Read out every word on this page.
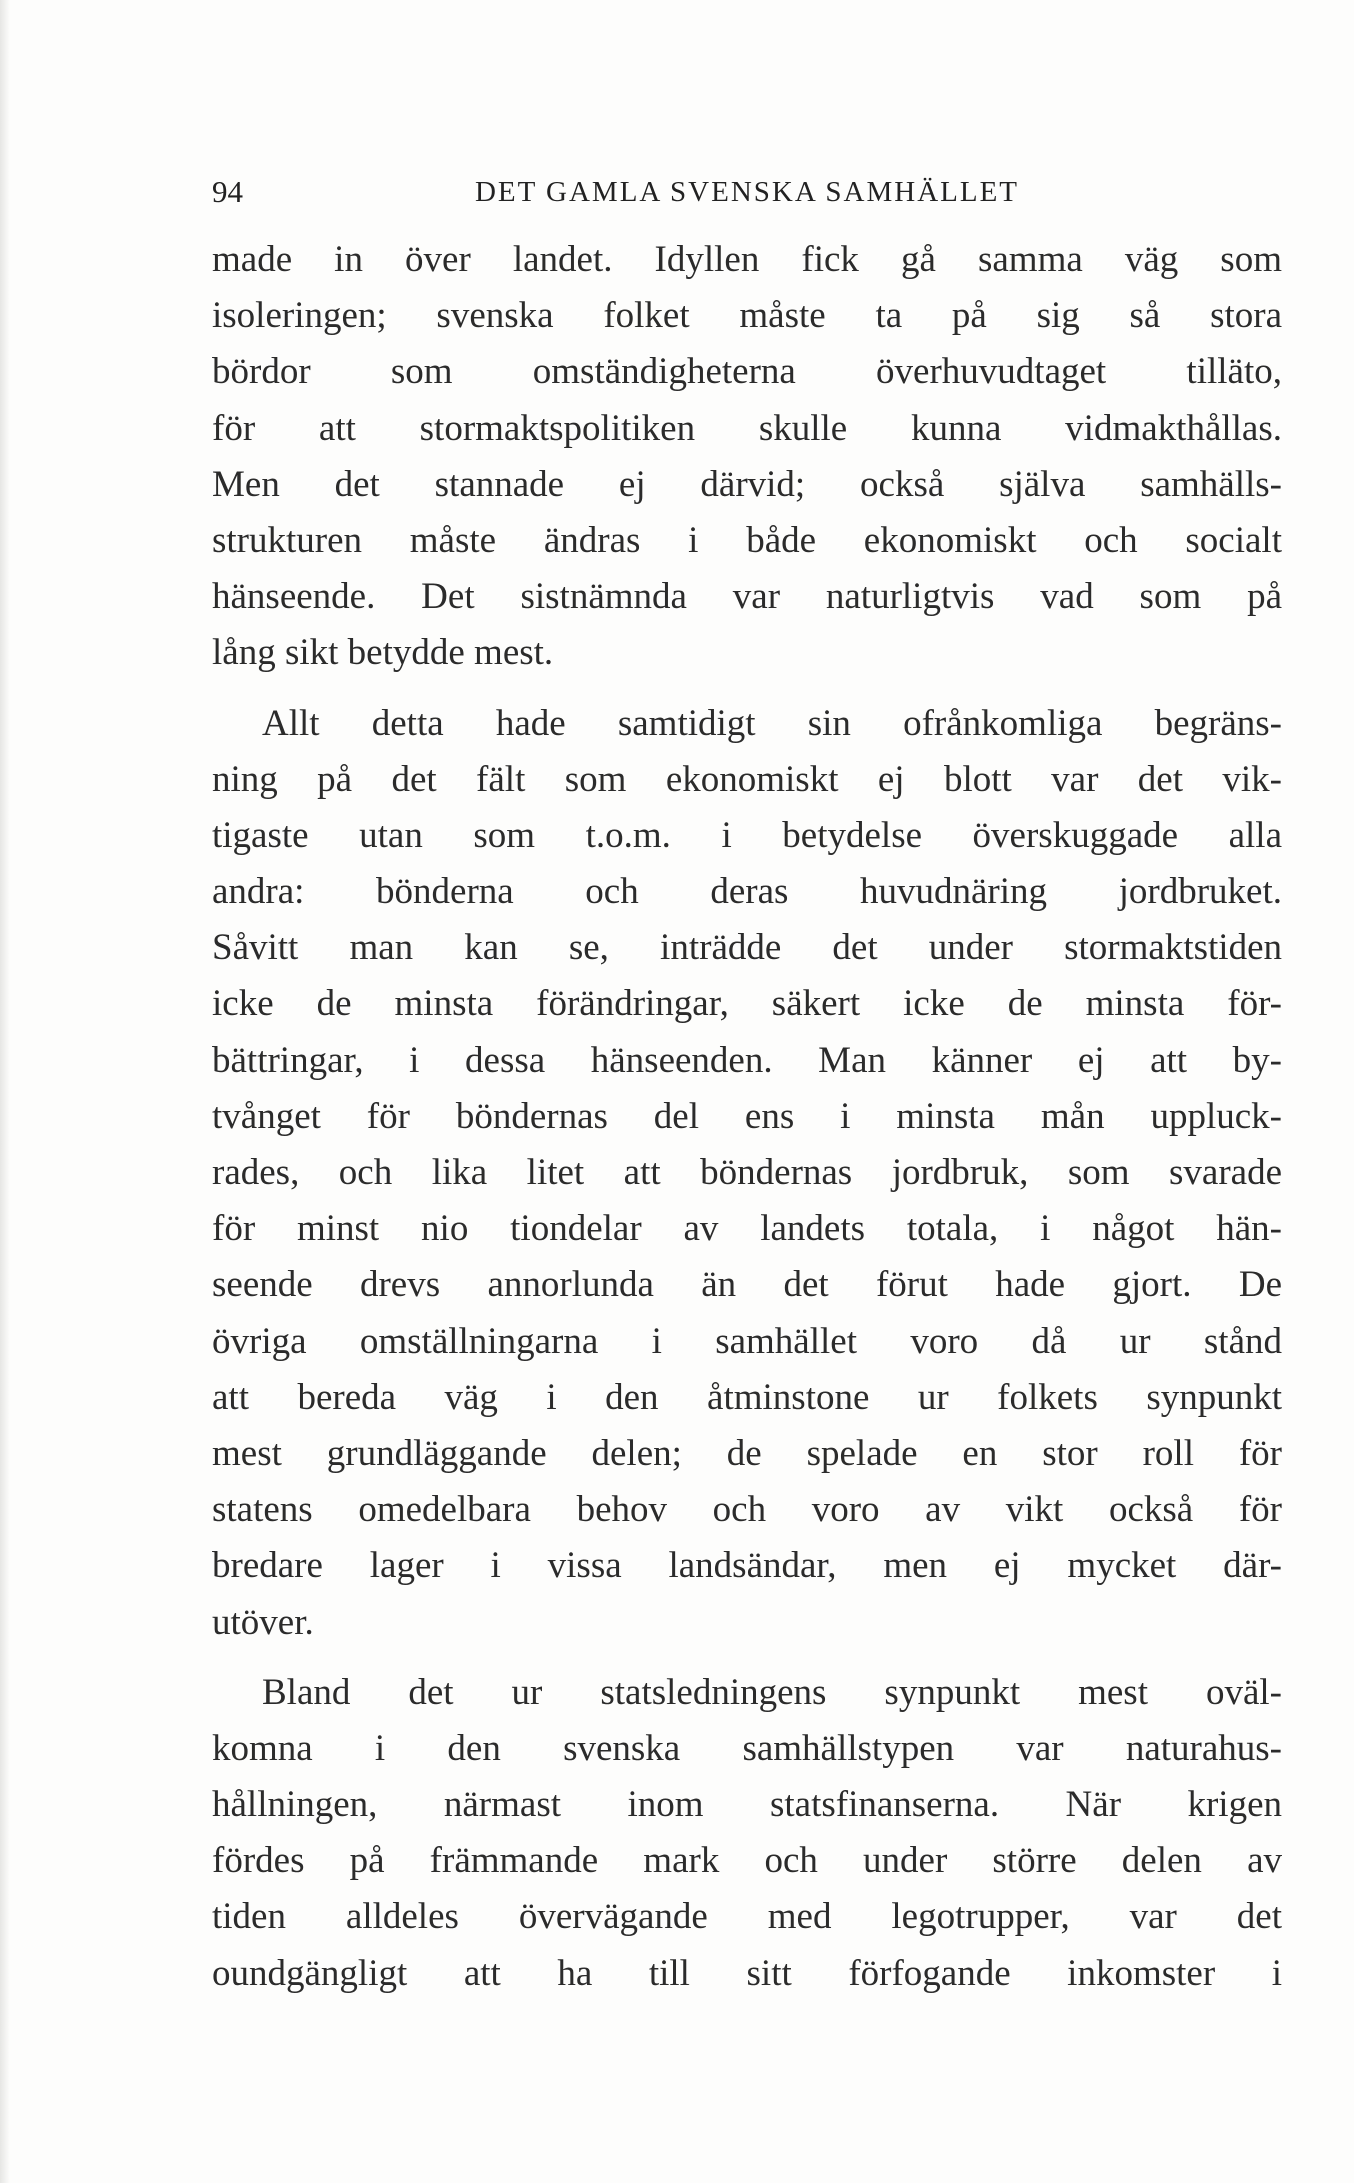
94	DET GAMLA SVENSKA SAMHÄLLET
made in över landet. Idyllen fick gå samma väg som
isoleringen; svenska folket måste ta på sig så stora
bördor som omständigheterna överhuvudtaget tilläto,
för att stormaktspolitiken skulle kunna vidmakthållas.
Men det stannade ej därvid; också själva samhälls-
strukturen måste ändras i både ekonomiskt och socialt
hänseende. Det sistnämnda var naturligtvis vad som på
lång sikt betydde mest.
Allt detta hade samtidigt sin ofrånkomliga begräns-
ning på det fält som ekonomiskt ej blott var det vik-
tigaste utan som t.o.m. i betydelse överskuggade alla
andra: bönderna och deras huvudnäring jordbruket.
Såvitt man kan se, inträdde det under stormaktstiden
icke de minsta förändringar, säkert icke de minsta för-
bättringar, i dessa hänseenden. Man känner ej att by-
tvånget för böndernas del ens i minsta mån uppluck-
rades, och lika litet att böndernas jordbruk, som svarade
för minst nio tiondelar av landets totala, i något hän-
seende drevs annorlunda än det förut hade gjort. De
övriga omställningarna i samhället voro då ur stånd
att bereda väg i den åtminstone ur folkets synpunkt
mest grundläggande delen; de spelade en stor roll för
statens omedelbara behov och voro av vikt också för
bredare lager i vissa landsändar, men ej mycket där-
utöver.
Bland det ur statsledningens synpunkt mest oväl-
komna i den svenska samhällstypen var naturahus-
hållningen, närmast inom statsfinanserna. När krigen
fördes på främmande mark och under större delen av
tiden alldeles övervägande med legotrupper, var det
oundgängligt att ha till sitt förfogande inkomster i
